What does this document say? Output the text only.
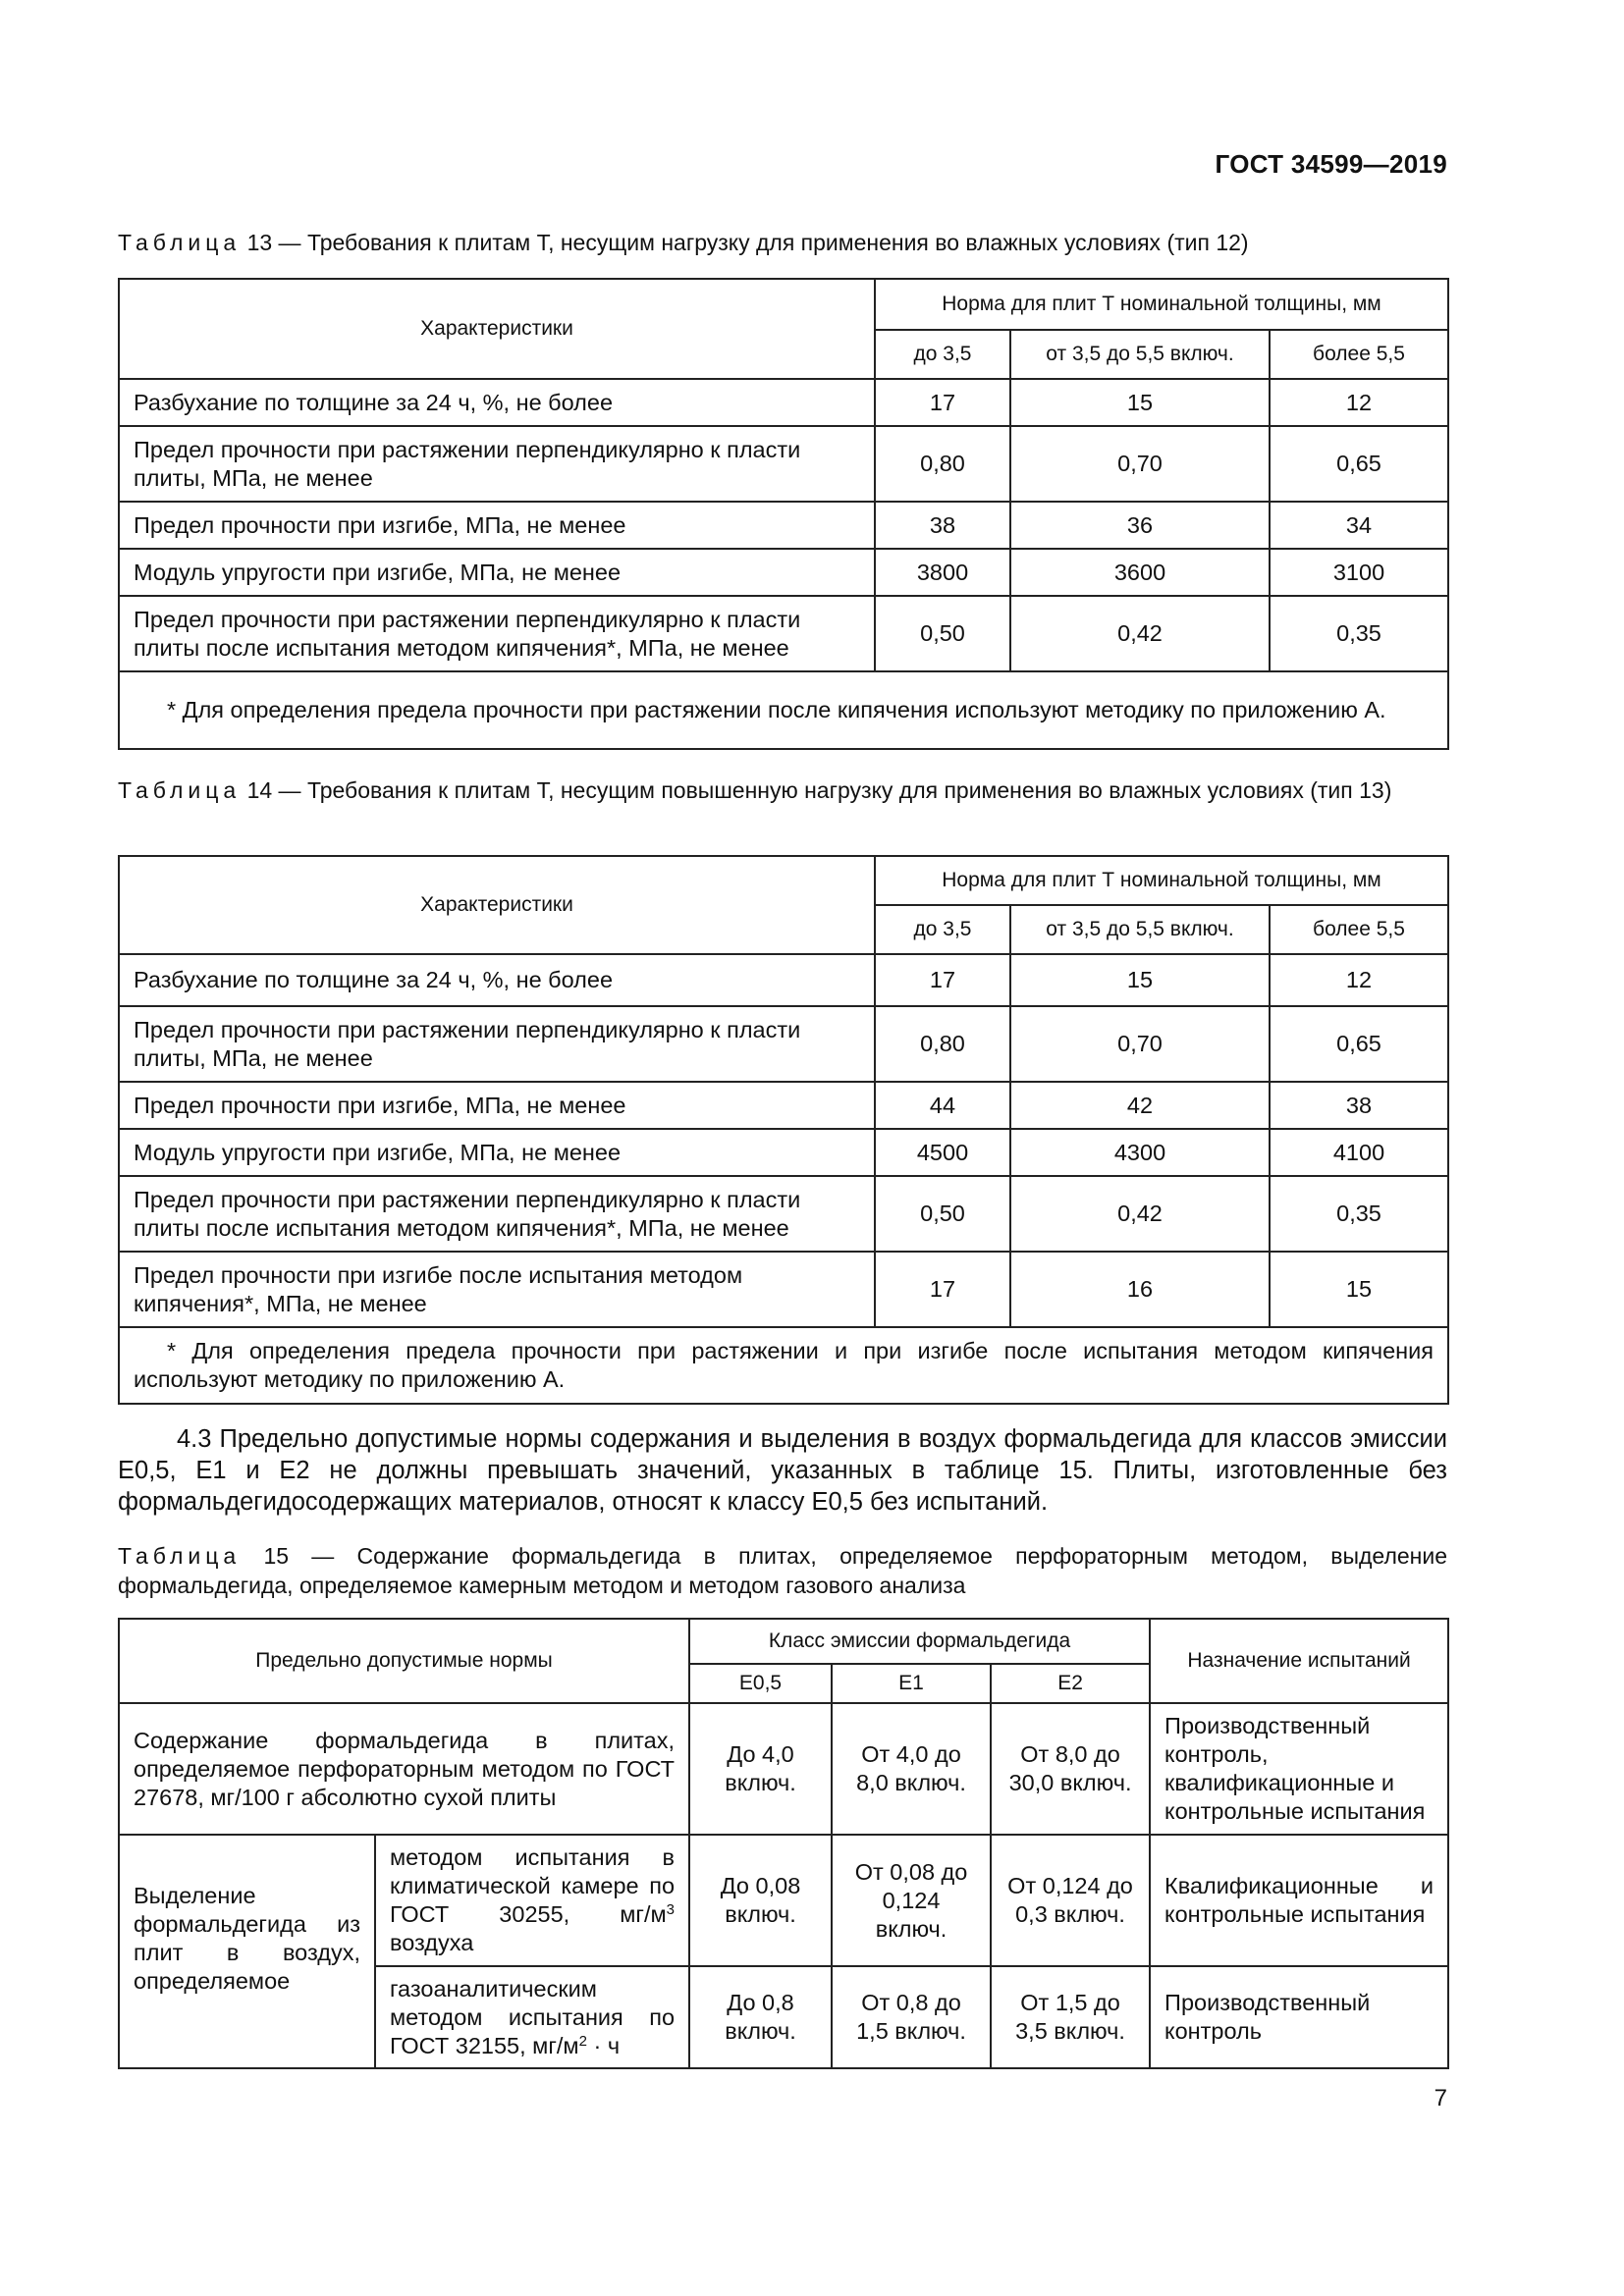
ГОСТ 34599—2019
Таблица 13 — Требования к плитам Т, несущим нагрузку для применения во влажных условиях (тип 12)
Характеристики	Норма для плит Т номинальной толщины, мм		
	до 3,5	от 3,5 до 5,5 включ.	более 5,5
Разбухание по толщине за 24 ч, %, не более	17	15	12
Предел прочности при растяжении перпендикулярно к пласти плиты, МПа, не менее	0,80	0,70	0,65
Предел прочности при изгибе, МПа, не менее	38	36	34
Модуль упругости при изгибе, МПа, не менее	3800	3600	3100
Предел прочности при растяжении перпендикулярно к пласти плиты после испытания методом кипячения*, МПа, не менее	0,50	0,42	0,35
* Для определения предела прочности при растяжении после кипячения используют методику по приложению А.			
Таблица 14 — Требования к плитам Т, несущим повышенную нагрузку для применения во влажных условиях (тип 13)
Характеристики	Норма для плит Т номинальной толщины, мм		
	до 3,5	от 3,5 до 5,5 включ.	более 5,5
Разбухание по толщине за 24 ч, %, не более	17	15	12
Предел прочности при растяжении перпендикулярно к пласти плиты, МПа, не менее	0,80	0,70	0,65
Предел прочности при изгибе, МПа, не менее	44	42	38
Модуль упругости при изгибе, МПа, не менее	4500	4300	4100
Предел прочности при растяжении перпендикулярно к пласти плиты после испытания методом кипячения*, МПа, не менее	0,50	0,42	0,35
Предел прочности при изгибе после испытания методом кипячения*, МПа, не менее	17	16	15
* Для определения предела прочности при растяжении и при изгибе после испытания методом кипячения используют методику по приложению А.			
4.3 Предельно допустимые нормы содержания и выделения в воздух формальдегида для классов эмиссии Е0,5, Е1 и Е2 не должны превышать значений, указанных в таблице 15. Плиты, изготовленные без формальдегидосодержащих материалов, относят к классу Е0,5 без испытаний.
Таблица 15 — Содержание формальдегида в плитах, определяемое перфораторным методом, выделение формальдегида, определяемое камерным методом и методом газового анализа
Предельно допустимые нормы		Класс эмиссии формальдегида			Назначение испытаний
		Е0,5	Е1	Е2	
Содержание формальдегида в плитах, определяемое перфораторным методом по ГОСТ 27678, мг/100 г абсолютно сухой плиты		До 4,0 включ.	От 4,0 до 8,0 включ.	От 8,0 до 30,0 включ.	Производственный контроль, квалификационные и контрольные испытания
Выделение формальдегида из плит в воздух, определяемое	методом испытания в климатической камере по ГОСТ 30255, $мг/м^3$ воздуха	До 0,08 включ.	От 0,08 до 0,124 включ.	От 0,124 до 0,3 включ.	Квалификационные и контрольные испытания
	газоаналитическим методом испытания по ГОСТ 32155, $мг/м^2 \cdot ч$	До 0,8 включ.	От 0,8 до 1,5 включ.	От 1,5 до 3,5 включ.	Производственный контроль
7
